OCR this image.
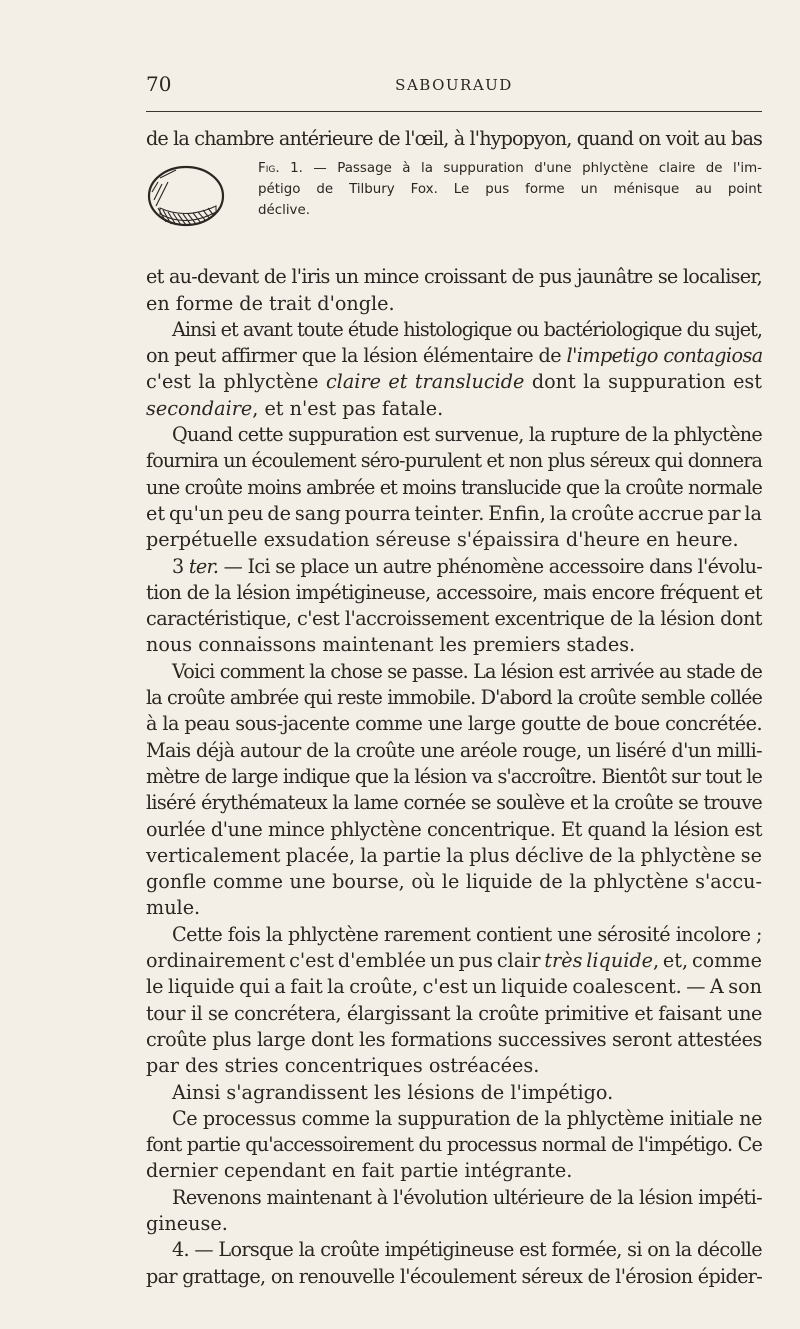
70	SABOURAUD
de la chambre antérieure de l'œil, à l'hypopyon, quand on voit au bas
Fig. 1. — Passage à la suppuration d'une phlyctène claire de l'im-
pétigo de Tilbury Fox. Le pus forme un ménisque au point
déclive.
et au-devant de l'iris un mince croissant de pus jaunâtre se localiser,
en forme de trait d'ongle.
Ainsi et avant toute étude histologique ou bactériologique du sujet,
on peut affirmer que la lésion élémentaire de l'impetigo contagiosa
c'est la phlyctène claire et translucide dont la suppuration est
secondaire, et n'est pas fatale.
Quand cette suppuration est survenue, la rupture de la phlyctène
fournira un écoulement séro-purulent et non plus séreux qui donnera
une croûte moins ambrée et moins translucide que la croûte normale
et qu'un peu de sang pourra teinter. Enfin, la croûte accrue par la
perpétuelle exsudation séreuse s'épaissira d'heure en heure.
3 ter. — Ici se place un autre phénomène accessoire dans l'évolu-
tion de la lésion impétigineuse, accessoire, mais encore fréquent et
caractéristique, c'est l'accroissement excentrique de la lésion dont
nous connaissons maintenant les premiers stades.
Voici comment la chose se passe. La lésion est arrivée au stade de
la croûte ambrée qui reste immobile. D'abord la croûte semble collée
à la peau sous-jacente comme une large goutte de boue concrétée.
Mais déjà autour de la croûte une aréole rouge, un liséré d'un milli-
mètre de large indique que la lésion va s'accroître. Bientôt sur tout le
liséré érythémateux la lame cornée se soulève et la croûte se trouve
ourlée d'une mince phlyctène concentrique. Et quand la lésion est
verticalement placée, la partie la plus déclive de la phlyctène se
gonfle comme une bourse, où le liquide de la phlyctène s'accu-
mule.
Cette fois la phlyctène rarement contient une sérosité incolore ;
ordinairement c'est d'emblée un pus clair très liquide, et, comme
le liquide qui a fait la croûte, c'est un liquide coalescent. — A son
tour il se concrétera, élargissant la croûte primitive et faisant une
croûte plus large dont les formations successives seront attestées
par des stries concentriques ostréacées.
Ainsi s'agrandissent les lésions de l'impétigo.
Ce processus comme la suppuration de la phlyctème initiale ne
font partie qu'accessoirement du processus normal de l'impétigo. Ce
dernier cependant en fait partie intégrante.
Revenons maintenant à l'évolution ultérieure de la lésion impéti-
gineuse.
4. — Lorsque la croûte impétigineuse est formée, si on la décolle
par grattage, on renouvelle l'écoulement séreux de l'érosion épider-
